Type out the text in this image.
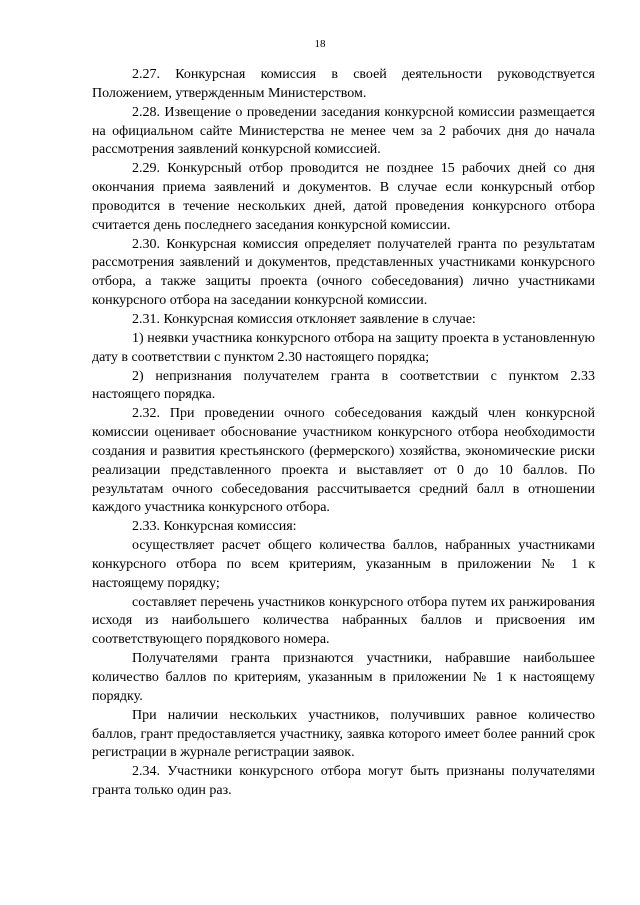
18

2.27. Конкурсная комиссия в своей деятельности руководствуется Положением, утвержденным Министерством.

2.28. Извещение о проведении заседания конкурсной комиссии размещается на официальном сайте Министерства не менее чем за 2 рабочих дня до начала рассмотрения заявлений конкурсной комиссией.

2.29. Конкурсный отбор проводится не позднее 15 рабочих дней со дня окончания приема заявлений и документов. В случае если конкурсный отбор проводится в течение нескольких дней, датой проведения конкурсного отбора считается день последнего заседания конкурсной комиссии.

2.30. Конкурсная комиссия определяет получателей гранта по результатам рассмотрения заявлений и документов, представленных участниками конкурсного отбора, а также защиты проекта (очного собеседования) лично участниками конкурсного отбора на заседании конкурсной комиссии.

2.31. Конкурсная комиссия отклоняет заявление в случае:

1) неявки участника конкурсного отбора на защиту проекта в установленную дату в соответствии с пунктом 2.30 настоящего порядка;

2) непризнания получателем гранта в соответствии с пунктом 2.33 настоящего порядка.

2.32. При проведении очного собеседования каждый член конкурсной комиссии оценивает обоснование участником конкурсного отбора необходимости создания и развития крестьянского (фермерского) хозяйства, экономические риски реализации представленного проекта и выставляет от 0 до 10 баллов. По результатам очного собеседования рассчитывается средний балл в отношении каждого участника конкурсного отбора.

2.33. Конкурсная комиссия:

осуществляет расчет общего количества баллов, набранных участниками конкурсного отбора по всем критериям, указанным в приложении № 1 к настоящему порядку;

составляет перечень участников конкурсного отбора путем их ранжирования исходя из наибольшего количества набранных баллов и присвоения им соответствующего порядкового номера.

Получателями гранта признаются участники, набравшие наибольшее количество баллов по критериям, указанным в приложении № 1 к настоящему порядку.

При наличии нескольких участников, получивших равное количество баллов, грант предоставляется участнику, заявка которого имеет более ранний срок регистрации в журнале регистрации заявок.

2.34. Участники конкурсного отбора могут быть признаны получателями гранта только один раз.
